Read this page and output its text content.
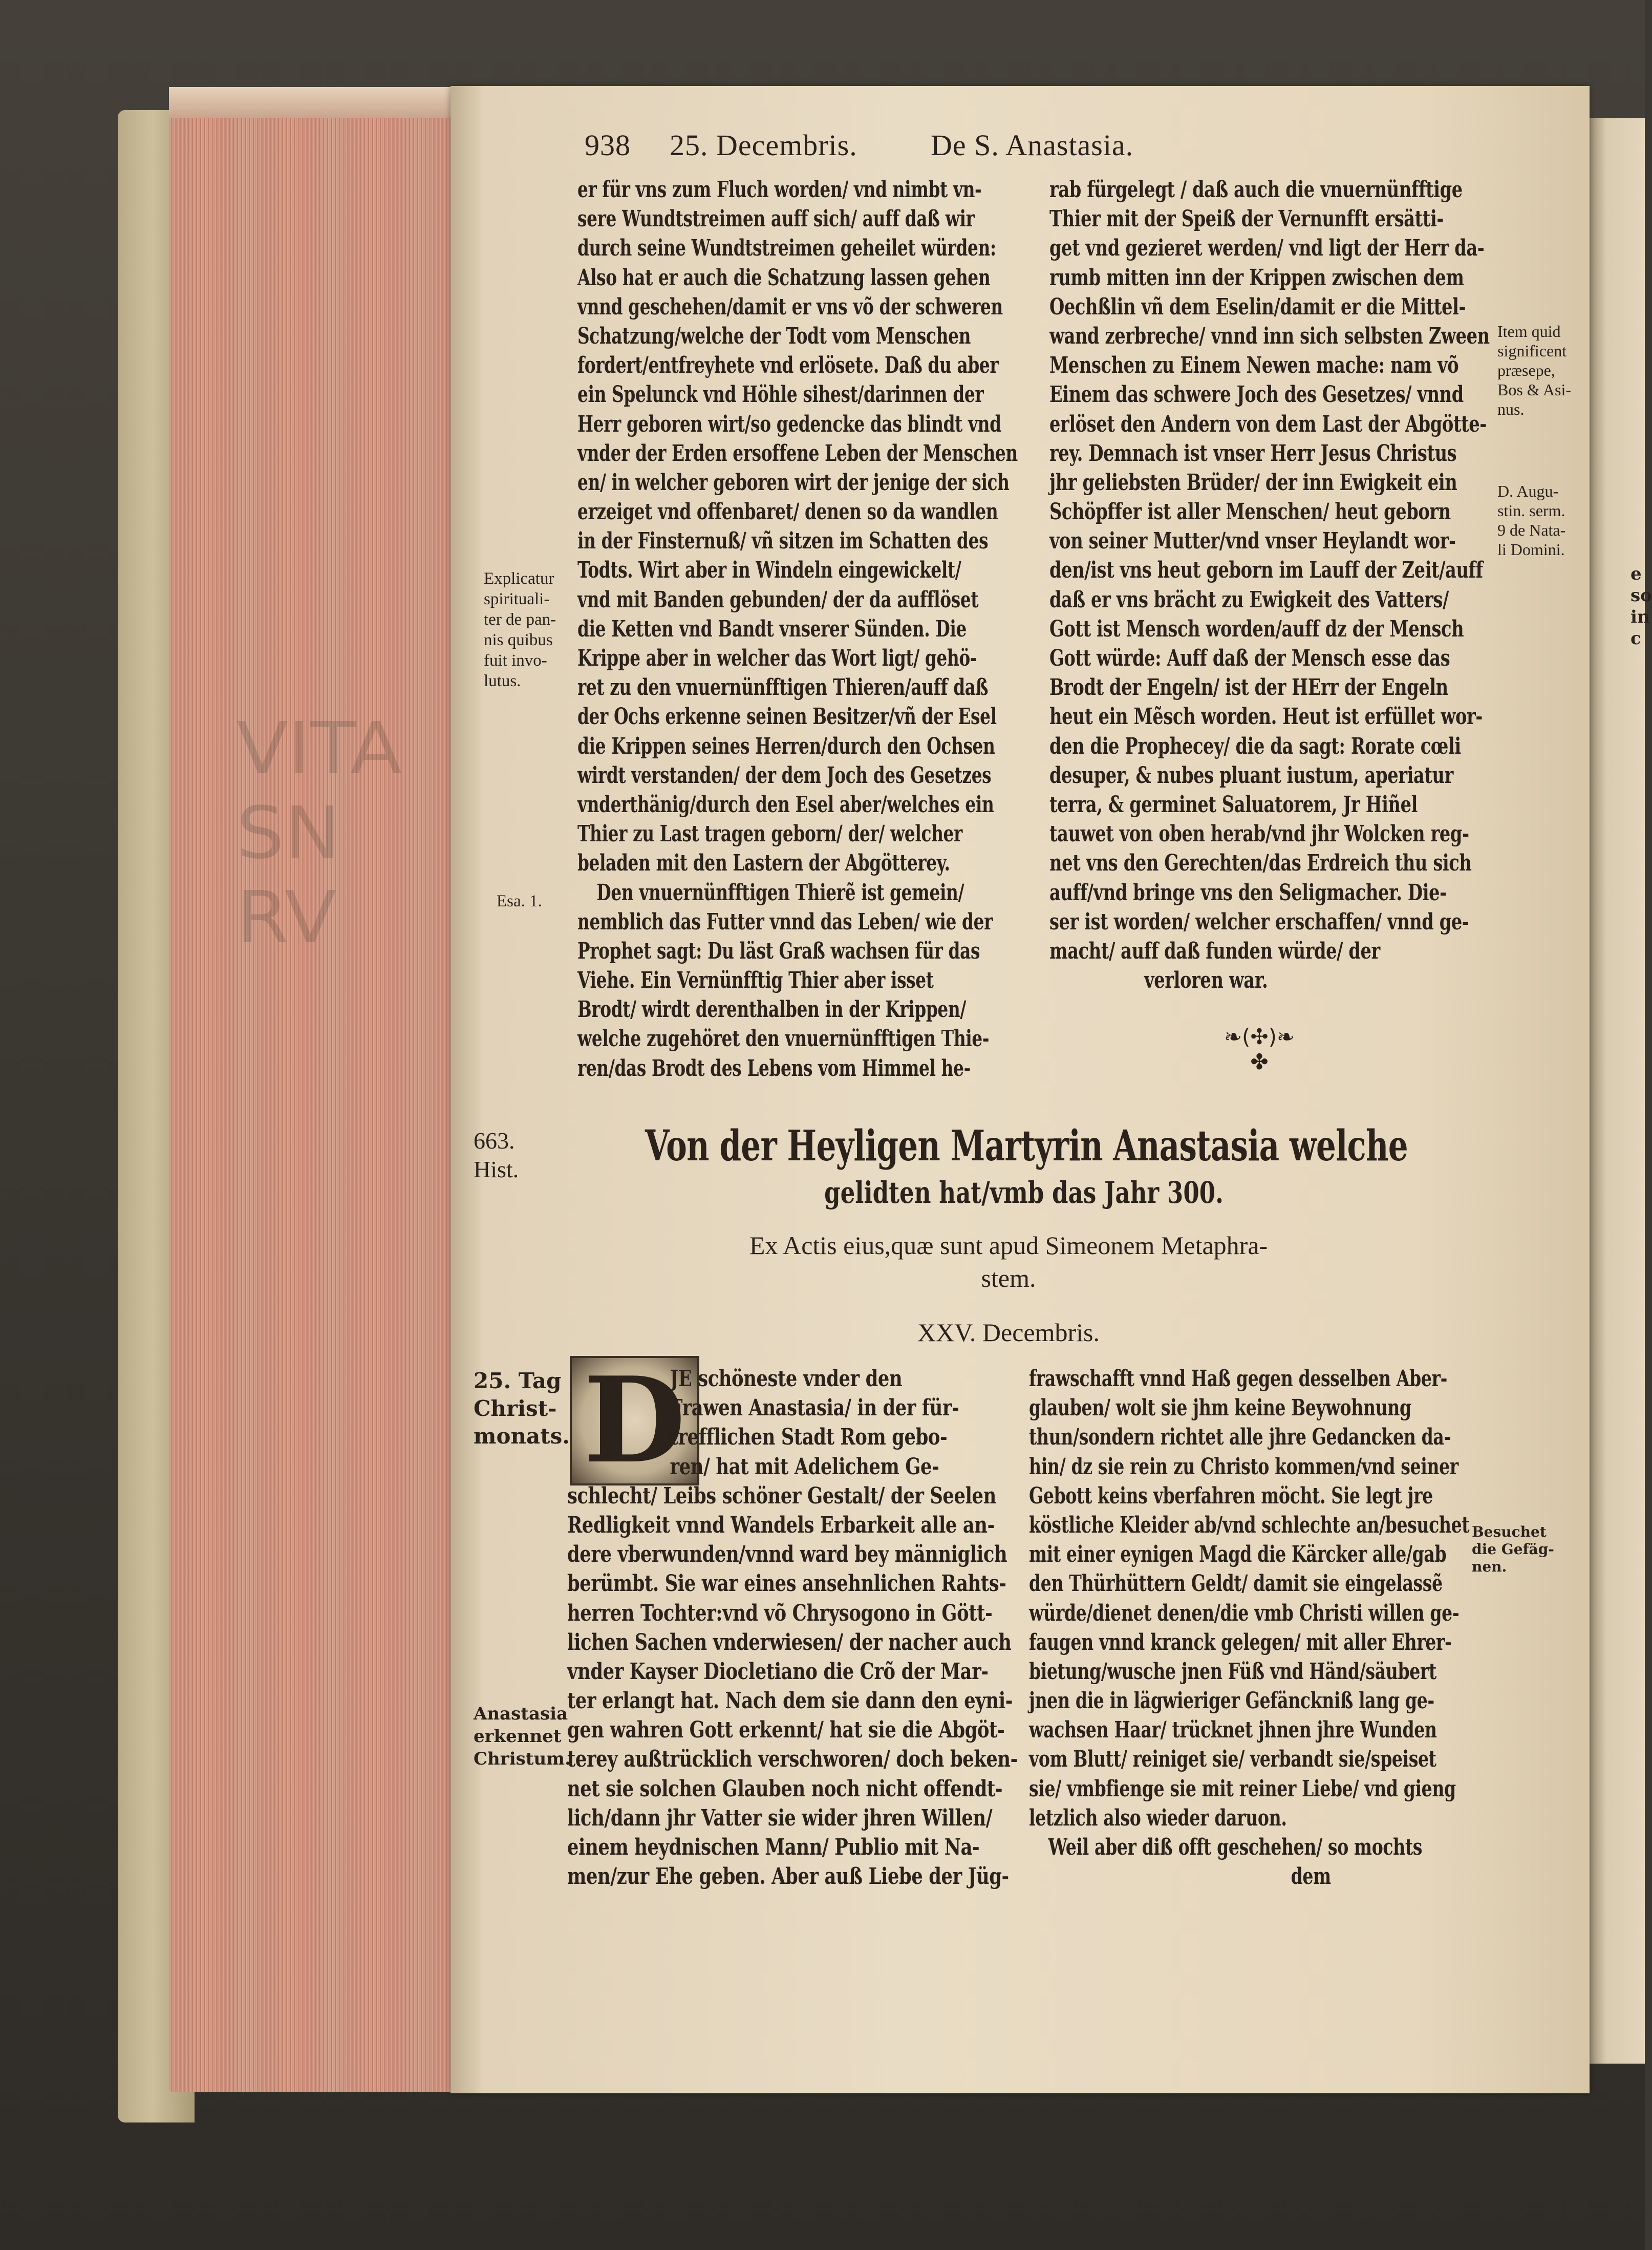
e
so
in
c
VITA
SN
RV
938 25. Decembris. De S. Anastasia.
Explicatur
spirituali-
ter de pan-
nis quibus
fuit invo-
lutus.
Esa. 1.
Item quid
significent
præsepe,
Bos & Asi-
nus.
D. Augu-
stin. serm.
9 de Nata-
li Domini.
663.
Hist.
25. Tag
Christ-
monats.
Anastasia
erkennet
Christum.
Besuchet
die Gefäg-
nen.
er für vns zum Fluch worden/ vnd nimbt vn-
sere Wundtstreimen auff sich/ auff daß wir
durch seine Wundtstreimen geheilet würden:
Also hat er auch die Schatzung lassen gehen
vnnd geschehen/damit er vns võ der schweren
Schatzung/welche der Todt vom Menschen
fordert/entfreyhete vnd erlösete. Daß du aber
ein Spelunck vnd Höhle sihest/darinnen der
Herr geboren wirt/so gedencke das blindt vnd
vnder der Erden ersoffene Leben der Menschen
en/ in welcher geboren wirt der jenige der sich
erzeiget vnd offenbaret/ denen so da wandlen
in der Finsternuß/ vñ sitzen im Schatten des
Todts. Wirt aber in Windeln eingewickelt/
vnd mit Banden gebunden/ der da aufflöset
die Ketten vnd Bandt vnserer Sünden. Die
Krippe aber in welcher das Wort ligt/ gehö-
ret zu den vnuernünfftigen Thieren/auff daß
der Ochs erkenne seinen Besitzer/vñ der Esel
die Krippen seines Herren/durch den Ochsen
wirdt verstanden/ der dem Joch des Gesetzes
vnderthänig/durch den Esel aber/welches ein
Thier zu Last tragen geborn/ der/ welcher
beladen mit den Lastern der Abgötterey.
Den vnuernünfftigen Thierẽ ist gemein/
nemblich das Futter vnnd das Leben/ wie der
Prophet sagt: Du läst Graß wachsen für das
Viehe. Ein Vernünfftig Thier aber isset
Brodt/ wirdt derenthalben in der Krippen/
welche zugehöret den vnuernünfftigen Thie-
ren/das Brodt des Lebens vom Himmel he-
rab fürgelegt / daß auch die vnuernünfftige
Thier mit der Speiß der Vernunfft ersätti-
get vnd gezieret werden/ vnd ligt der Herr da-
rumb mitten inn der Krippen zwischen dem
Oechßlin vñ dem Eselin/damit er die Mittel-
wand zerbreche/ vnnd inn sich selbsten Zween
Menschen zu Einem Newen mache: nam võ
Einem das schwere Joch des Gesetzes/ vnnd
erlöset den Andern von dem Last der Abgötte-
rey. Demnach ist vnser Herr Jesus Christus
jhr geliebsten Brüder/ der inn Ewigkeit ein
Schöpffer ist aller Menschen/ heut geborn
von seiner Mutter/vnd vnser Heylandt wor-
den/ist vns heut geborn im Lauff der Zeit/auff
daß er vns brächt zu Ewigkeit des Vatters/
Gott ist Mensch worden/auff dz der Mensch
Gott würde: Auff daß der Mensch esse das
Brodt der Engeln/ ist der HErr der Engeln
heut ein Mẽsch worden. Heut ist erfüllet wor-
den die Prophecey/ die da sagt: Rorate cœli
desuper, & nubes pluant iustum, aperiatur
terra, & germinet Saluatorem, Jr Hiñel
tauwet von oben herab/vnd jhr Wolcken reg-
net vns den Gerechten/das Erdreich thu sich
auff/vnd bringe vns den Seligmacher. Die-
ser ist worden/ welcher erschaffen/ vnnd ge-
macht/ auff daß funden würde/ der
verloren war.
❧(✣)❧
✤
Von der Heyligen Martyrin Anastasia welche
gelidten hat/vmb das Jahr 300.
Ex Actis eius,quæ sunt apud Simeonem Metaphra-
stem.
XXV. Decembris.
D
JE schöneste vnder den
Frawen Anastasia/ in der für-
trefflichen Stadt Rom gebo-
ren/ hat mit Adelichem Ge-
schlecht/ Leibs schöner Gestalt/ der Seelen
Redligkeit vnnd Wandels Erbarkeit alle an-
dere vberwunden/vnnd ward bey männiglich
berümbt. Sie war eines ansehnlichen Rahts-
herren Tochter:vnd võ Chrysogono in Gött-
lichen Sachen vnderwiesen/ der nacher auch
vnder Kayser Diocletiano die Crõ der Mar-
ter erlangt hat. Nach dem sie dann den eyni-
gen wahren Gott erkennt/ hat sie die Abgöt-
terey außtrücklich verschworen/ doch beken-
net sie solchen Glauben noch nicht offendt-
lich/dann jhr Vatter sie wider jhren Willen/
einem heydnischen Mann/ Publio mit Na-
men/zur Ehe geben. Aber auß Liebe der Jüg-
frawschafft vnnd Haß gegen desselben Aber-
glauben/ wolt sie jhm keine Beywohnung
thun/sondern richtet alle jhre Gedancken da-
hin/ dz sie rein zu Christo kommen/vnd seiner
Gebott keins vberfahren möcht. Sie legt jre
köstliche Kleider ab/vnd schlechte an/besuchet
mit einer eynigen Magd die Kärcker alle/gab
den Thürhüttern Geldt/ damit sie eingelassẽ
würde/dienet denen/die vmb Christi willen ge-
faugen vnnd kranck gelegen/ mit aller Ehrer-
bietung/wusche jnen Füß vnd Händ/säubert
jnen die in lägwieriger Gefänckniß lang ge-
wachsen Haar/ trücknet jhnen jhre Wunden
vom Blutt/ reiniget sie/ verbandt sie/speiset
sie/ vmbfienge sie mit reiner Liebe/ vnd gieng
letzlich also wieder daruon.
Weil aber diß offt geschehen/ so mochts
dem
